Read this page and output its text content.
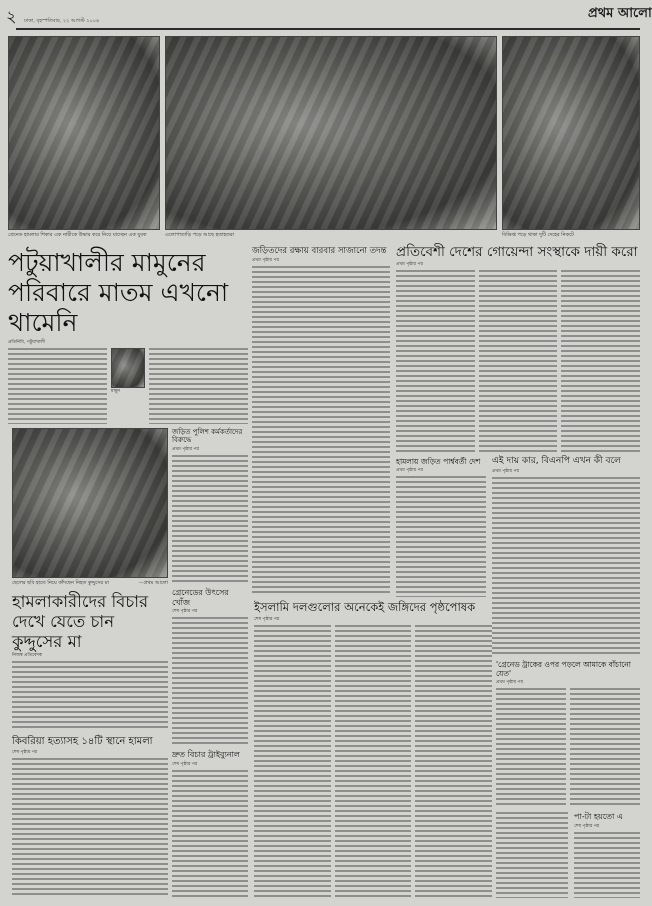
২ ঢাকা, বৃহস্পতিবার, ২২ আগস্ট ২০০৪	প্রথম আলো
গ্রেনেড হামলার শিকার এক নারীকে উদ্ধার করে নিয়ে যাচ্ছেন এক যুবক	এলোপাতাড়ি পড়ে আছে হতাহতরা	বিক্ষিপ্ত পড়ে থাকা দুটি দেহের নিকটে
পটুয়াখালীর মামুনের পরিবারে মাতম এখনো থামেনি
প্রতিনিধি, পটুয়াখালী
মামুন
ছেলের ছবি হাতে নিয়ে কাঁদছেন নিহত কুদ্দুসের মা	—প্রথম আলো
হামলাকারীদের বিচার দেখে যেতে চান কুদ্দুসের মা
নিজস্ব প্রতিবেদক
কিবরিয়া হত্যাসহ ১৪টি স্থানে হামলা
শেষ পৃষ্ঠার পর
জড়িত পুলিশ কর্মকর্তাদের বিরুদ্ধে
প্রথম পৃষ্ঠার পর
গ্রেনেডের উৎসের খোঁজ
শেষ পৃষ্ঠার পর
দ্রুত বিচার ট্রাইব্যুনাল
শেষ পৃষ্ঠার পর
জড়িতদের রক্ষায় বারবার সাজানো তদন্ত
প্রথম পৃষ্ঠার পর
প্রতিবেশী দেশের গোয়েন্দা সংস্থাকে দায়ী করো
প্রথম পৃষ্ঠার পর
হামলায় জড়িত পার্শ্ববর্তী দেশ
প্রথম পৃষ্ঠার পর
এই দায় কার, বিএনপি এখন কী বলে
প্রথম পৃষ্ঠার পর
ইসলামি দলগুলোর অনেকেই জঙ্গিদের পৃষ্ঠপোষক
শেষ পৃষ্ঠার পর
'গ্রেনেড ট্রাকের ওপর পড়লে আমাকে বাঁচানো যেত'
প্রথম পৃষ্ঠার পর
পা-টা হয়তো এ
শেষ পৃষ্ঠার পর
